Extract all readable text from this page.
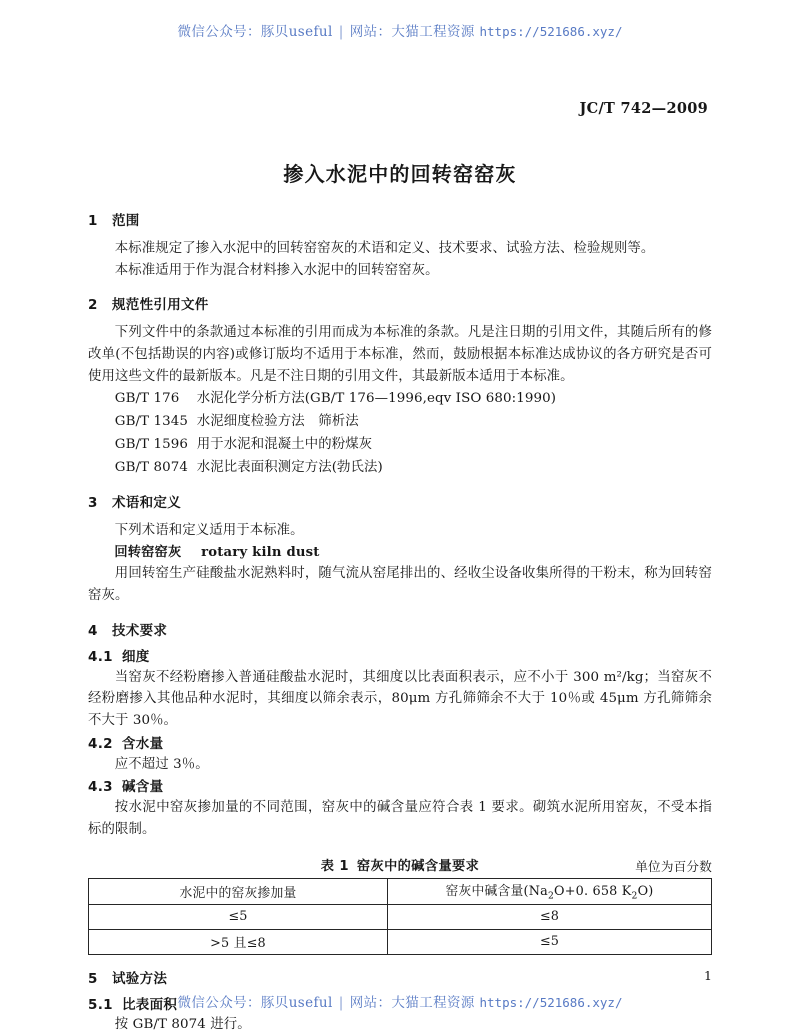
微信公众号：豚贝useful | 网站：大猫工程资源 https://521686.xyz/
JC/T 742—2009
掺入水泥中的回转窑窑灰
1 范围

本标准规定了掺入水泥中的回转窑窑灰的术语和定义、技术要求、试验方法、检验规则等。

本标准适用于作为混合材料掺入水泥中的回转窑窑灰。

2 规范性引用文件

下列文件中的条款通过本标准的引用而成为本标准的条款。凡是注日期的引用文件，其随后所有的修改单(不包括勘误的内容)或修订版均不适用于本标准，然而，鼓励根据本标准达成协议的各方研究是否可使用这些文件的最新版本。凡是不注日期的引用文件，其最新版本适用于本标准。

GB/T 176 水泥化学分析方法(GB/T 176—1996,eqv ISO 680:1990)
GB/T 1345 水泥细度检验方法　筛析法
GB/T 1596 用于水泥和混凝土中的粉煤灰
GB/T 8074 水泥比表面积测定方法(勃氏法)
3 术语和定义

下列术语和定义适用于本标准。

回转窑窑灰 rotary kiln dust

用回转窑生产硅酸盐水泥熟料时，随气流从窑尾排出的、经收尘设备收集所得的干粉末，称为回转窑窑灰。

4 技术要求
4.1 细度

当窑灰不经粉磨掺入普通硅酸盐水泥时，其细度以比表面积表示，应不小于 300 m²/kg；当窑灰不经粉磨掺入其他品种水泥时，其细度以筛余表示，80μm 方孔筛筛余不大于 10％或 45μm 方孔筛筛余不大于 30％。

4.2 含水量

应不超过 3％。

4.3 碱含量

按水泥中窑灰掺加量的不同范围，窑灰中的碱含量应符合表 1 要求。砌筑水泥所用窑灰，不受本指标的限制。

表 1 窑灰中的碱含量要求	单位为百分数
水泥中的窑灰掺加量	窑灰中碱含量($Na_2O+0$. 658 $K_2O$)
≤5	≤8
>5 且≤8	≤5
5 试验方法
5.1 比表面积

按 GB/T 8074 进行。

1
微信公众号：豚贝useful | 网站：大猫工程资源 https://521686.xyz/
